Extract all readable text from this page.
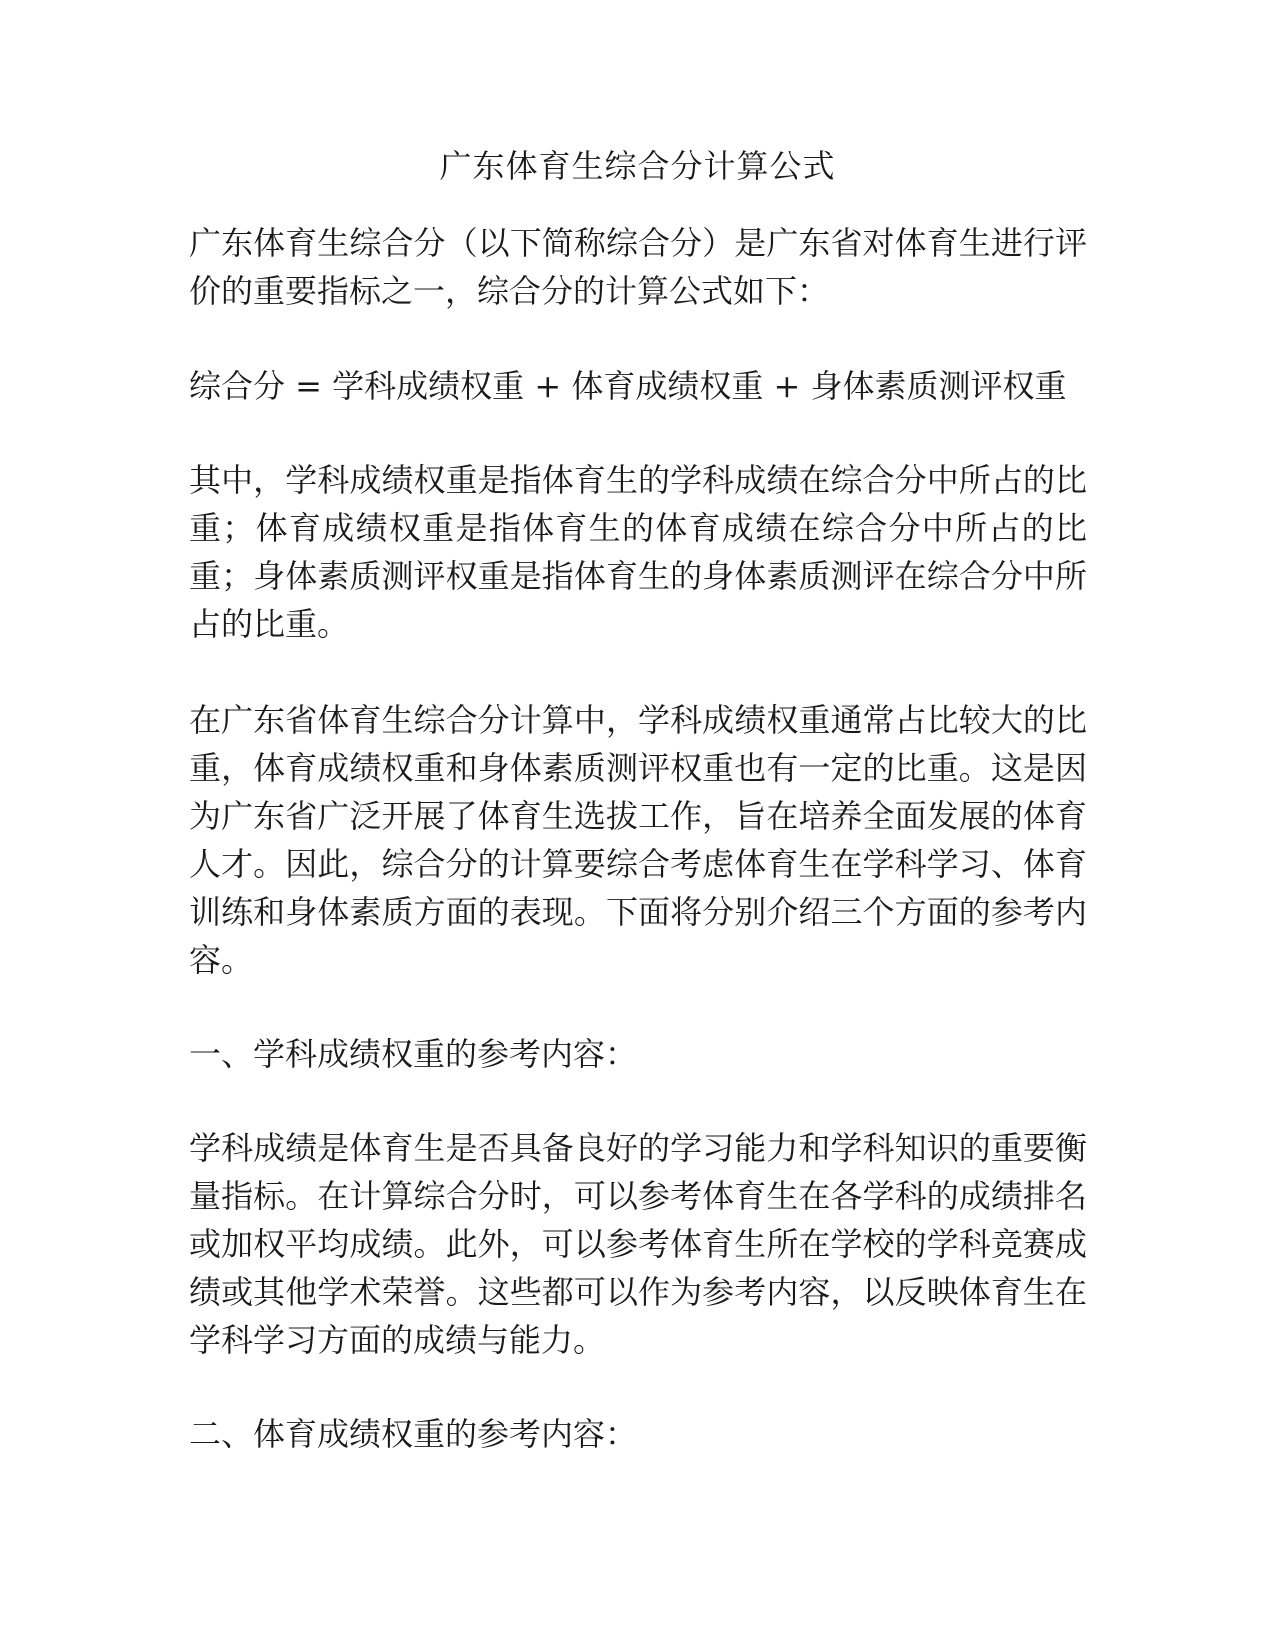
广东体育生综合分计算公式

广东体育生综合分（以下简称综合分）是广东省对体育生进行评价的重要指标之一，综合分的计算公式如下：

综合分 = 学科成绩权重 + 体育成绩权重 + 身体素质测评权重

其中，学科成绩权重是指体育生的学科成绩在综合分中所占的比重；体育成绩权重是指体育生的体育成绩在综合分中所占的比重；身体素质测评权重是指体育生的身体素质测评在综合分中所占的比重。

在广东省体育生综合分计算中，学科成绩权重通常占比较大的比重，体育成绩权重和身体素质测评权重也有一定的比重。这是因为广东省广泛开展了体育生选拔工作，旨在培养全面发展的体育人才。因此，综合分的计算要综合考虑体育生在学科学习、体育训练和身体素质方面的表现。下面将分别介绍三个方面的参考内容。

一、学科成绩权重的参考内容：

学科成绩是体育生是否具备良好的学习能力和学科知识的重要衡量指标。在计算综合分时，可以参考体育生在各学科的成绩排名或加权平均成绩。此外，可以参考体育生所在学校的学科竞赛成绩或其他学术荣誉。这些都可以作为参考内容，以反映体育生在学科学习方面的成绩与能力。

二、体育成绩权重的参考内容：
